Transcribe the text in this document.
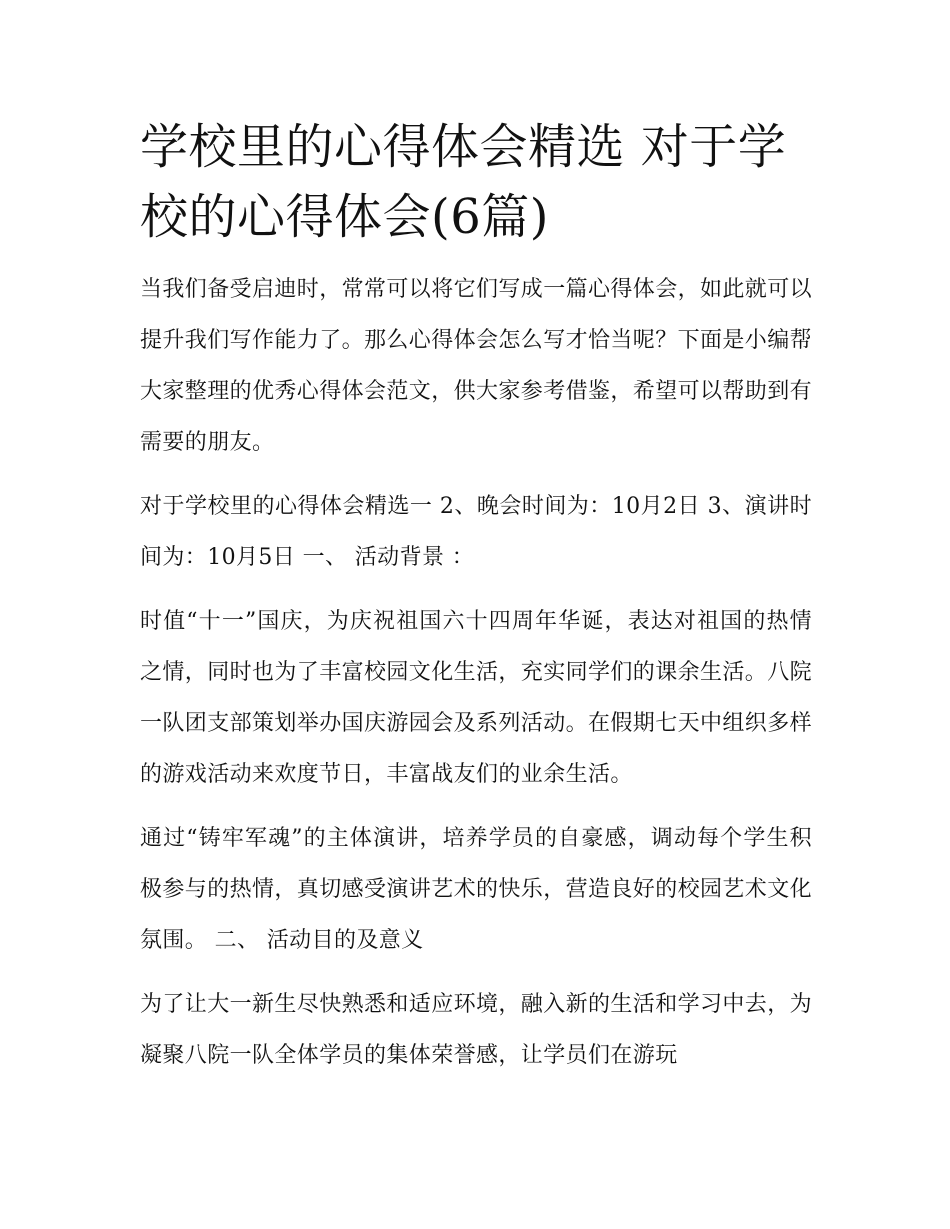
学校里的心得体会精选 对于学校的心得体会(6篇)

当我们备受启迪时，常常可以将它们写成一篇心得体会，如此就可以提升我们写作能力了。那么心得体会怎么写才恰当呢？下面是小编帮大家整理的优秀心得体会范文，供大家参考借鉴，希望可以帮助到有需要的朋友。

对于学校里的心得体会精选一 2、晚会时间为：10月2日 3、演讲时间为：10月5日 一、 活动背景 ：

时值“十一”国庆，为庆祝祖国六十四周年华诞，表达对祖国的热情之情，同时也为了丰富校园文化生活，充实同学们的课余生活。八院一队团支部策划举办国庆游园会及系列活动。在假期七天中组织多样的游戏活动来欢度节日，丰富战友们的业余生活。

通过“铸牢军魂”的主体演讲，培养学员的自豪感，调动每个学生积极参与的热情，真切感受演讲艺术的快乐，营造良好的校园艺术文化氛围。 二、 活动目的及意义

为了让大一新生尽快熟悉和适应环境，融入新的生活和学习中去，为凝聚八院一队全体学员的集体荣誉感，让学员们在游玩
